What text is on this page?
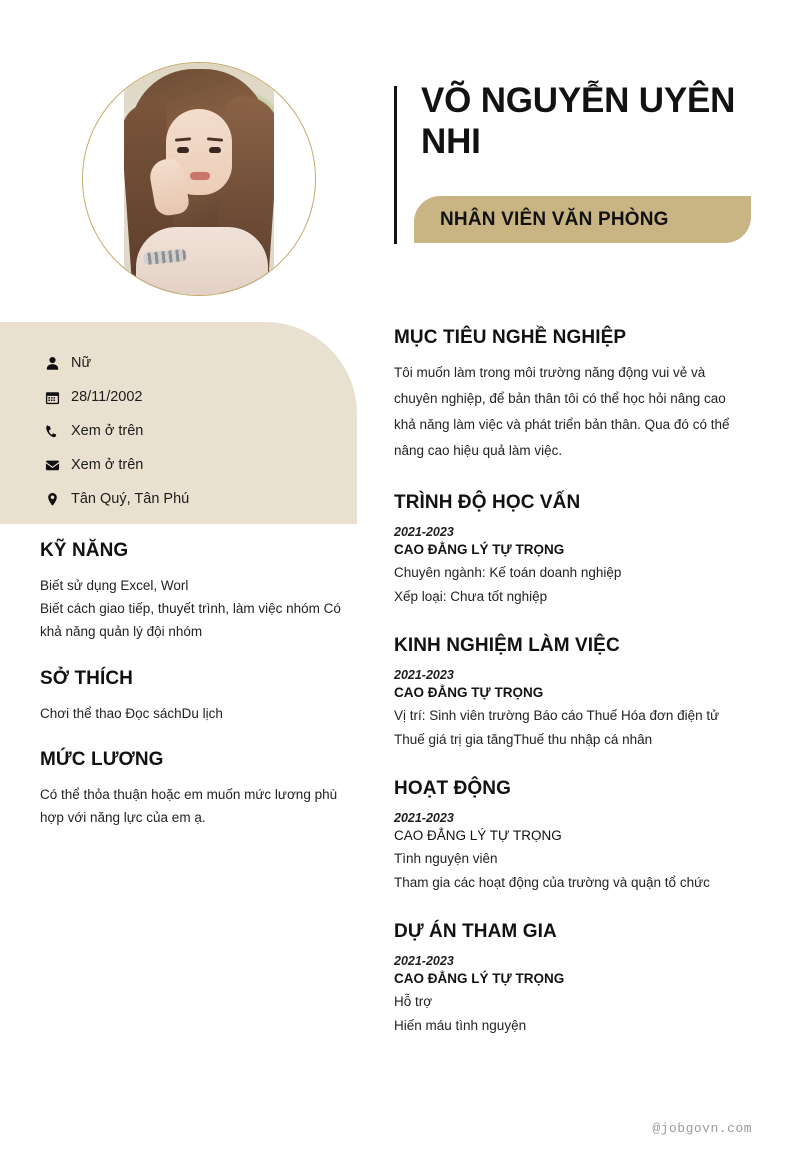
VÕ NGUYỄN UYÊN NHI
NHÂN VIÊN VĂN PHÒNG
Nữ
28/11/2002
Xem ở trên
Xem ở trên
Tân Quý, Tân Phú
KỸ NĂNG
Biết sử dụng Excel, Worl
Biết cách giao tiếp, thuyết trình, làm việc nhóm Có khả năng quản lý đội nhóm
SỞ THÍCH
Chơi thể thao Đọc sáchDu lịch
MỨC LƯƠNG
Có thể thỏa thuận hoặc em muốn mức lương phù hợp với năng lực của em ạ.
MỤC TIÊU NGHỀ NGHIỆP
Tôi muốn làm trong môi trường năng động vui vẻ và chuyên nghiệp, để bản thân tôi có thể học hỏi nâng cao khả năng làm việc và phát triển bản thân. Qua đó có thể nâng cao hiệu quả làm việc.
TRÌNH ĐỘ HỌC VẤN
2021-2023
CAO ĐẲNG LÝ TỰ TRỌNG
Chuyên ngành: Kế toán doanh nghiệp
Xếp loại: Chưa tốt nghiệp
KINH NGHIỆM LÀM VIỆC
2021-2023
CAO ĐẲNG TỰ TRỌNG
Vị trí: Sinh viên trường Báo cáo Thuế Hóa đơn điện tử
Thuế giá trị gia tăngThuế thu nhập cá nhân
HOẠT ĐỘNG
2021-2023
CAO ĐẲNG LÝ TỰ TRỌNG
Tình nguyện viên
Tham gia các hoạt động của trường và quận tổ chức
DỰ ÁN THAM GIA
2021-2023
CAO ĐẲNG LÝ TỰ TRỌNG
Hỗ trợ
Hiến máu tình nguyện
@jobgovn.com
